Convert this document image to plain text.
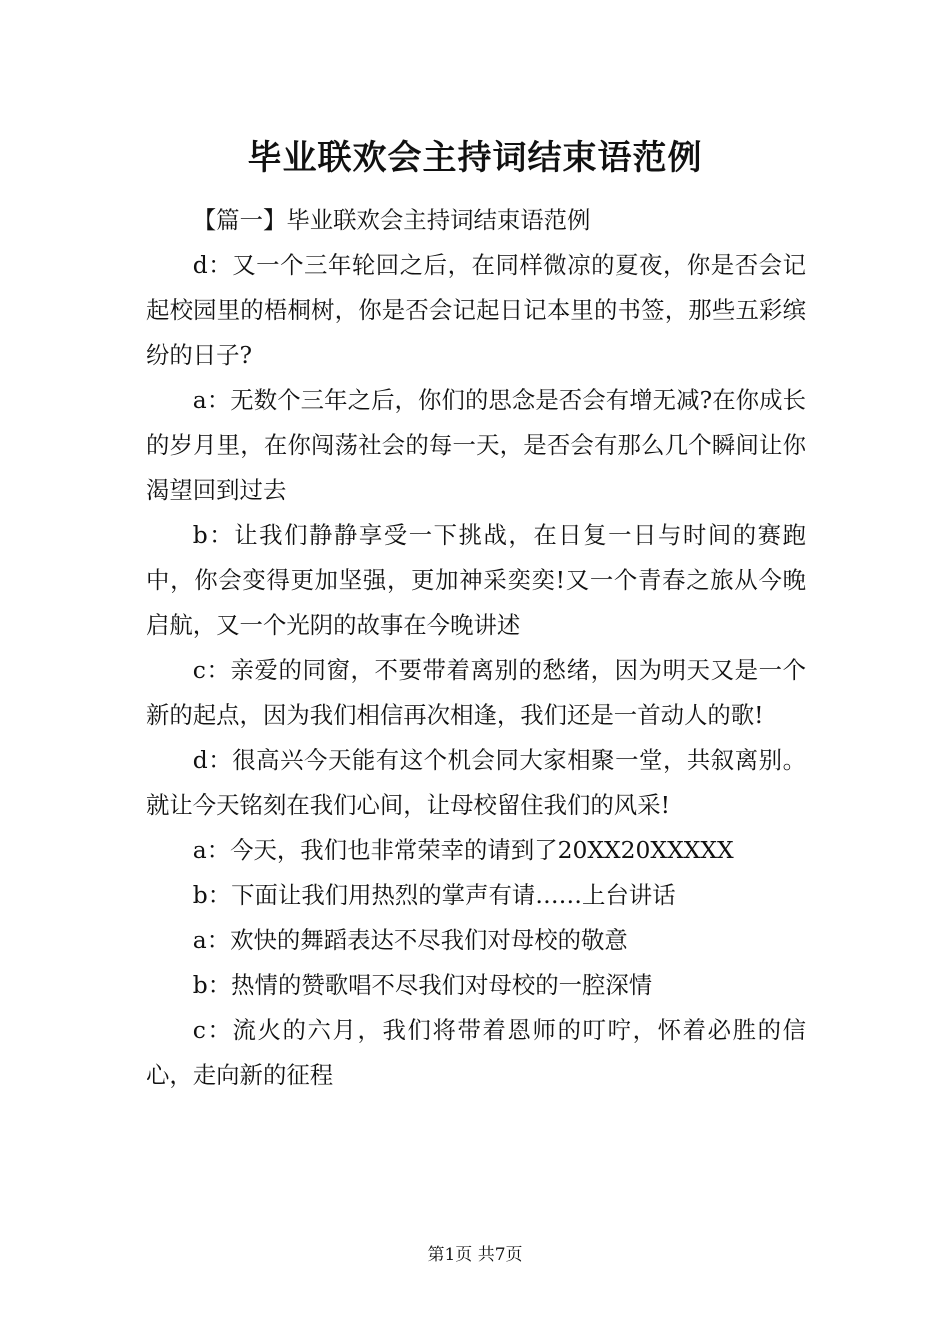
毕业联欢会主持词结束语范例

【篇一】毕业联欢会主持词结束语范例

d：又一个三年轮回之后，在同样微凉的夏夜，你是否会记起校园里的梧桐树，你是否会记起日记本里的书签，那些五彩缤纷的日子?

a：无数个三年之后，你们的思念是否会有增无减?在你成长的岁月里，在你闯荡社会的每一天，是否会有那么几个瞬间让你渴望回到过去

b：让我们静静享受一下挑战，在日复一日与时间的赛跑中，你会变得更加坚强，更加神采奕奕!又一个青春之旅从今晚启航，又一个光阴的故事在今晚讲述

c：亲爱的同窗，不要带着离别的愁绪，因为明天又是一个新的起点，因为我们相信再次相逢，我们还是一首动人的歌!

d：很高兴今天能有这个机会同大家相聚一堂，共叙离别。就让今天铭刻在我们心间，让母校留住我们的风采!

a：今天，我们也非常荣幸的请到了20XX20XXXXX

b：下面让我们用热烈的掌声有请……上台讲话

a：欢快的舞蹈表达不尽我们对母校的敬意

b：热情的赞歌唱不尽我们对母校的一腔深情

c：流火的六月，我们将带着恩师的叮咛，怀着必胜的信心，走向新的征程

第1页 共7页
